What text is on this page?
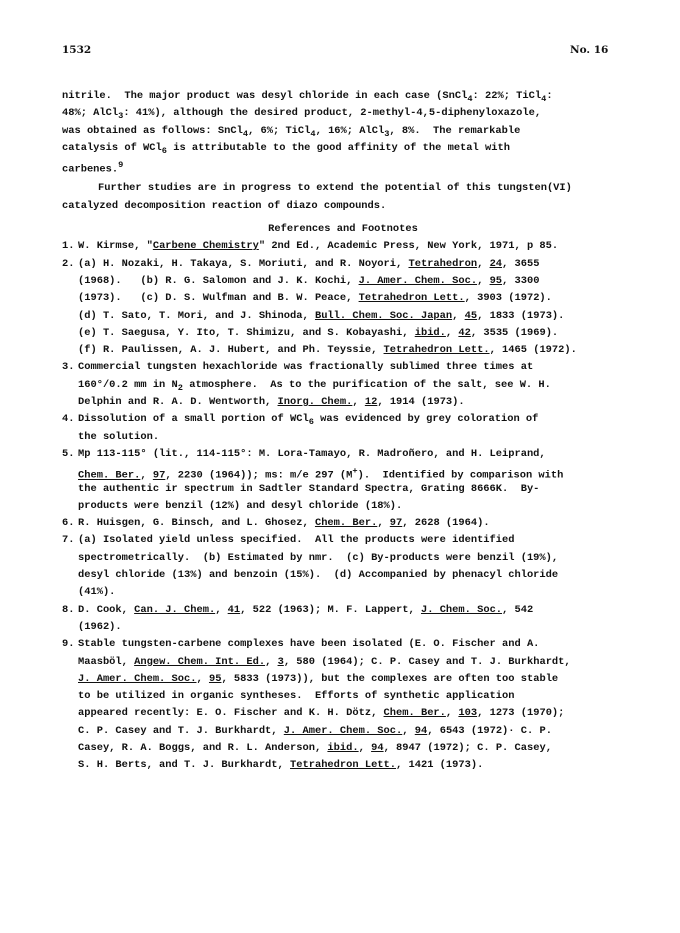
1532	No. 16
nitrile.  The major product was desyl chloride in each case (SnCl$_4$: 22%; TiCl$_4$:
48%; AlCl$_3$: 41%), although the desired product, 2-methyl-4,5-diphenyloxazole,
was obtained as follows: SnCl$_4$, 6%; TiCl$_4$, 16%; AlCl$_3$, 8%.  The remarkable
catalysis of WCl$_6$ is attributable to the good affinity of the metal with
carbenes.$^9$
Further studies are in progress to extend the potential of this tungsten(VI)
catalyzed decomposition reaction of diazo compounds.
References and Footnotes
1. W. Kirmse, "Carbene Chemistry" 2nd Ed., Academic Press, New York, 1971, p 85.
2. (a) H. Nozaki, H. Takaya, S. Moriuti, and R. Noyori, Tetrahedron, 24, 3655
(1968).   (b) R. G. Salomon and J. K. Kochi, J. Amer. Chem. Soc., 95, 3300
(1973).   (c) D. S. Wulfman and B. W. Peace, Tetrahedron Lett., 3903 (1972).
(d) T. Sato, T. Mori, and J. Shinoda, Bull. Chem. Soc. Japan, 45, 1833 (1973).
(e) T. Saegusa, Y. Ito, T. Shimizu, and S. Kobayashi, ibid., 42, 3535 (1969).
(f) R. Paulissen, A. J. Hubert, and Ph. Teyssie, Tetrahedron Lett., 1465 (1972).
3. Commercial tungsten hexachloride was fractionally sublimed three times at
160°/0.2 mm in $N_2$ atmosphere.  As to the purification of the salt, see W. H.
Delphin and R. A. D. Wentworth, Inorg. Chem., 12, 1914 (1973).
4. Dissolution of a small portion of WCl$_6$ was evidenced by grey coloration of
the solution.
5. Mp 113-115° (lit., 114-115°: M. Lora-Tamayo, R. Madroñero, and H. Leiprand,
Chem. Ber., 97, 2230 (1964)); ms: m/e 297 (M+).  Identified by comparison with
the authentic ir spectrum in Sadtler Standard Spectra, Grating 8666K.  By-
products were benzil (12%) and desyl chloride (18%).
6. R. Huisgen, G. Binsch, and L. Ghosez, Chem. Ber., 97, 2628 (1964).
7. (a) Isolated yield unless specified.  All the products were identified
spectrometrically.  (b) Estimated by nmr.  (c) By-products were benzil (19%),
desyl chloride (13%) and benzoin (15%).  (d) Accompanied by phenacyl chloride
(41%).
8. D. Cook, Can. J. Chem., 41, 522 (1963); M. F. Lappert, J. Chem. Soc., 542
(1962).
9. Stable tungsten-carbene complexes have been isolated (E. O. Fischer and A.
Maasböl, Angew. Chem. Int. Ed., 3, 580 (1964); C. P. Casey and T. J. Burkhardt,
J. Amer. Chem. Soc., 95, 5833 (1973)), but the complexes are often too stable
to be utilized in organic syntheses.  Efforts of synthetic application
appeared recently: E. O. Fischer and K. H. Dötz, Chem. Ber., 103, 1273 (1970);
C. P. Casey and T. J. Burkhardt, J. Amer. Chem. Soc., 94, 6543 (1972)· C. P.
Casey, R. A. Boggs, and R. L. Anderson, ibid., 94, 8947 (1972); C. P. Casey,
S. H. Berts, and T. J. Burkhardt, Tetrahedron Lett., 1421 (1973).
